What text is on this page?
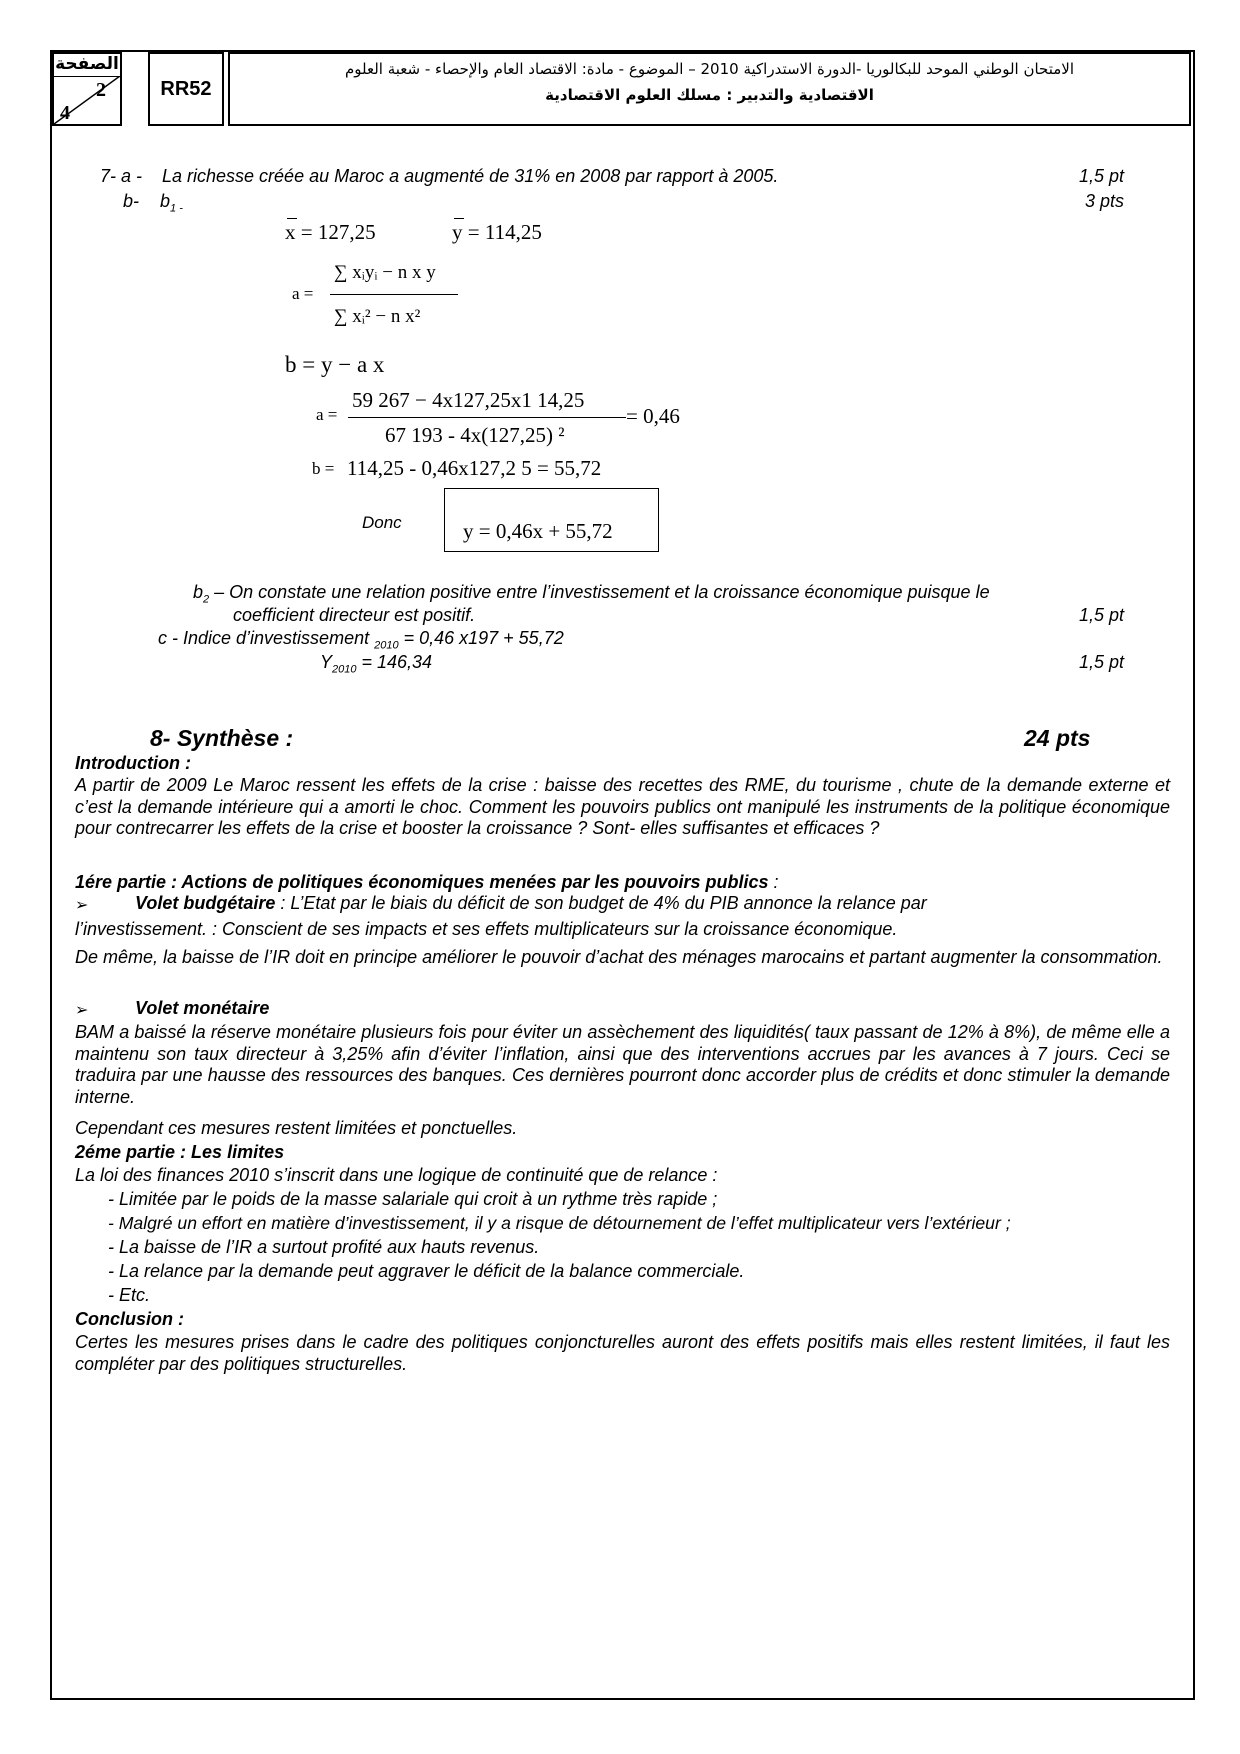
الصفحة
2
4
RR52
الامتحان الوطني الموحد للبكالوريا -الدورة الاستدراكية 2010 – الموضوع - مادة: الاقتصاد العام والإحصاء - شعبة العلوم
الاقتصادية والتدبير : مسلك العلوم الاقتصادية
7- a - La richesse créée au Maroc a augmenté de 31% en 2008 par rapport à 2005.	1,5 pt
b- $b_{1 -}$	3 pts
x = 127,25	y = 114,25
a =
∑ xᵢyᵢ − n x y
∑ xᵢ² − n x²
b = y − a x
a =
59 267 − 4x127,25x1 14,25
67 193 - 4x(127,25) ²
= 0,46
b = 114,25 - 0,46x127,2 5 = 55,72
Donc	y = 0,46x + 55,72
$b_2$ – On constate une relation positive entre l’investissement et la croissance économique puisque le
coefficient directeur est positif.	1,5 pt
c - Indice d’investissement $_{2010}$ = 0,46 x197 + 55,72
$Y_{2010} = 146,34$	1,5 pt
8- Synthèse :	24 pts
Introduction :
A partir de 2009 Le Maroc ressent les effets de la crise : baisse des recettes des RME, du tourisme , chute de la demande externe et c’est la demande intérieure qui a amorti le choc. Comment les pouvoirs publics ont manipulé les instruments de la politique économique pour contrecarrer les effets de la crise et booster la croissance ? Sont- elles suffisantes et efficaces ?
1ére partie : Actions de politiques économiques menées par les pouvoirs publics :
➢	Volet budgétaire : L’Etat par le biais du déficit de son budget de 4% du PIB annonce la relance par
l’investissement. : Conscient de ses impacts et ses effets multiplicateurs sur la croissance économique.
De même, la baisse de l’IR doit en principe améliorer le pouvoir d’achat des ménages marocains et partant augmenter la consommation.
➢	Volet monétaire
BAM a baissé la réserve monétaire plusieurs fois pour éviter un assèchement des liquidités( taux passant de 12% à 8%), de même elle a maintenu son taux directeur à 3,25% afin d’éviter l’inflation, ainsi que des interventions accrues par les avances à 7 jours. Ceci se traduira par une hausse des ressources des banques. Ces dernières pourront donc accorder plus de crédits et donc stimuler la demande interne.
Cependant ces mesures restent limitées et ponctuelles.
2éme partie : Les limites
La loi des finances 2010 s’inscrit dans une logique de continuité que de relance :
- Limitée par le poids de la masse salariale qui croit à un rythme très rapide ;
- Malgré un effort en matière d’investissement, il y a risque de détournement de l’effet multiplicateur vers l’extérieur ;
- La baisse de l’IR a surtout profité aux hauts revenus.
- La relance par la demande peut aggraver le déficit de la balance commerciale.
- Etc.
Conclusion :
Certes les mesures prises dans le cadre des politiques conjoncturelles auront des effets positifs mais elles restent limitées, il faut les compléter par des politiques structurelles.
